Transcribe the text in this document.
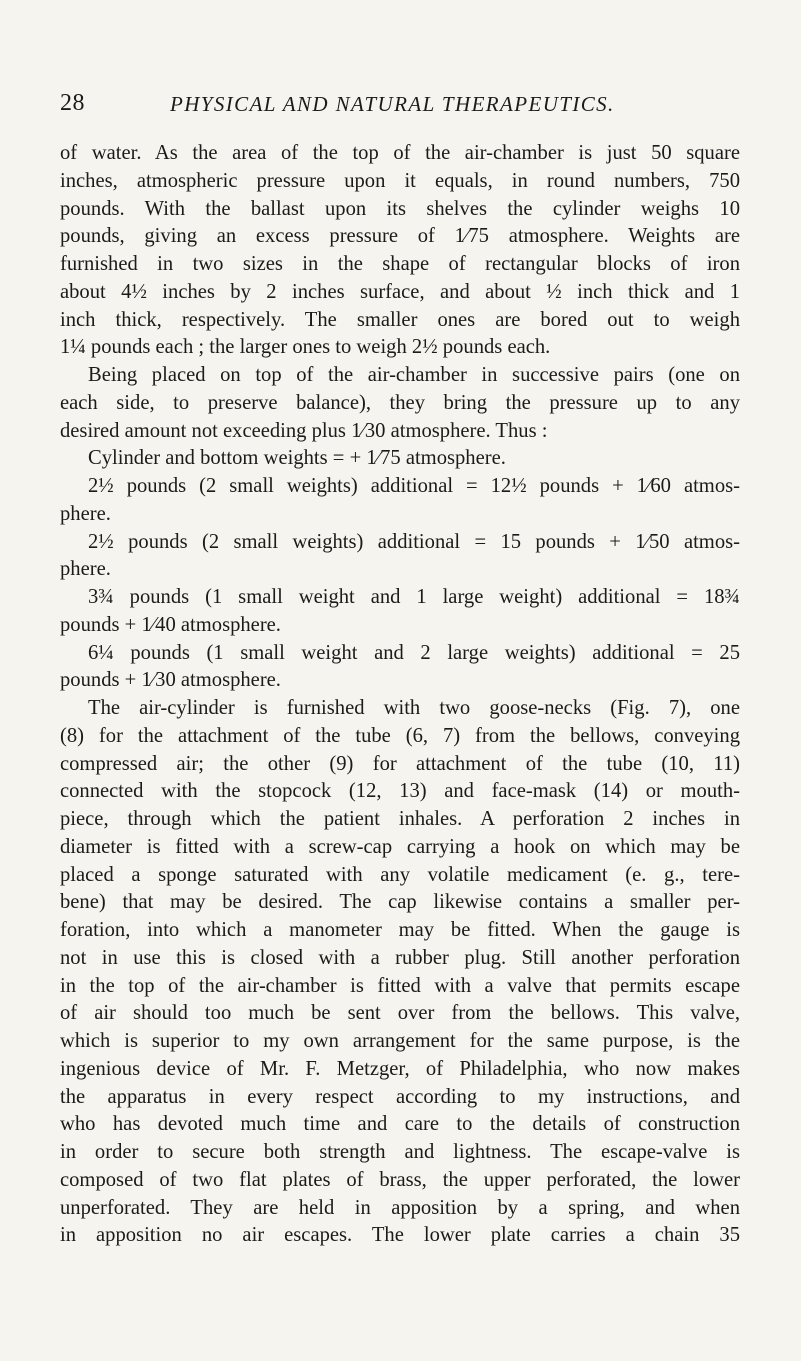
28	PHYSICAL AND NATURAL THERAPEUTICS.
of water. As the area of the top of the air-chamber is just 50 square
inches, atmospheric pressure upon it equals, in round numbers, 750
pounds. With the ballast upon its shelves the cylinder weighs 10
pounds, giving an excess pressure of 1⁄75 atmosphere. Weights are
furnished in two sizes in the shape of rectangular blocks of iron
about 4½ inches by 2 inches surface, and about ½ inch thick and 1
inch thick, respectively. The smaller ones are bored out to weigh
1¼ pounds each ; the larger ones to weigh 2½ pounds each.
Being placed on top of the air-chamber in successive pairs (one on
each side, to preserve balance), they bring the pressure up to any
desired amount not exceeding plus 1⁄30 atmosphere. Thus :
Cylinder and bottom weights = + 1⁄75 atmosphere.
2½ pounds (2 small weights) additional = 12½ pounds + 1⁄60 atmos-
phere.
2½ pounds (2 small weights) additional = 15 pounds + 1⁄50 atmos-
phere.
3¾ pounds (1 small weight and 1 large weight) additional = 18¾
pounds + 1⁄40 atmosphere.
6¼ pounds (1 small weight and 2 large weights) additional = 25
pounds + 1⁄30 atmosphere.
The air-cylinder is furnished with two goose-necks (Fig. 7), one
(8) for the attachment of the tube (6, 7) from the bellows, conveying
compressed air; the other (9) for attachment of the tube (10, 11)
connected with the stopcock (12, 13) and face-mask (14) or mouth-
piece, through which the patient inhales. A perforation 2 inches in
diameter is fitted with a screw-cap carrying a hook on which may be
placed a sponge saturated with any volatile medicament (e. g., tere-
bene) that may be desired. The cap likewise contains a smaller per-
foration, into which a manometer may be fitted. When the gauge is
not in use this is closed with a rubber plug. Still another perforation
in the top of the air-chamber is fitted with a valve that permits escape
of air should too much be sent over from the bellows. This valve,
which is superior to my own arrangement for the same purpose, is the
ingenious device of Mr. F. Metzger, of Philadelphia, who now makes
the apparatus in every respect according to my instructions, and
who has devoted much time and care to the details of construction
in order to secure both strength and lightness. The escape-valve is
composed of two flat plates of brass, the upper perforated, the lower
unperforated. They are held in apposition by a spring, and when
in apposition no air escapes. The lower plate carries a chain 35
